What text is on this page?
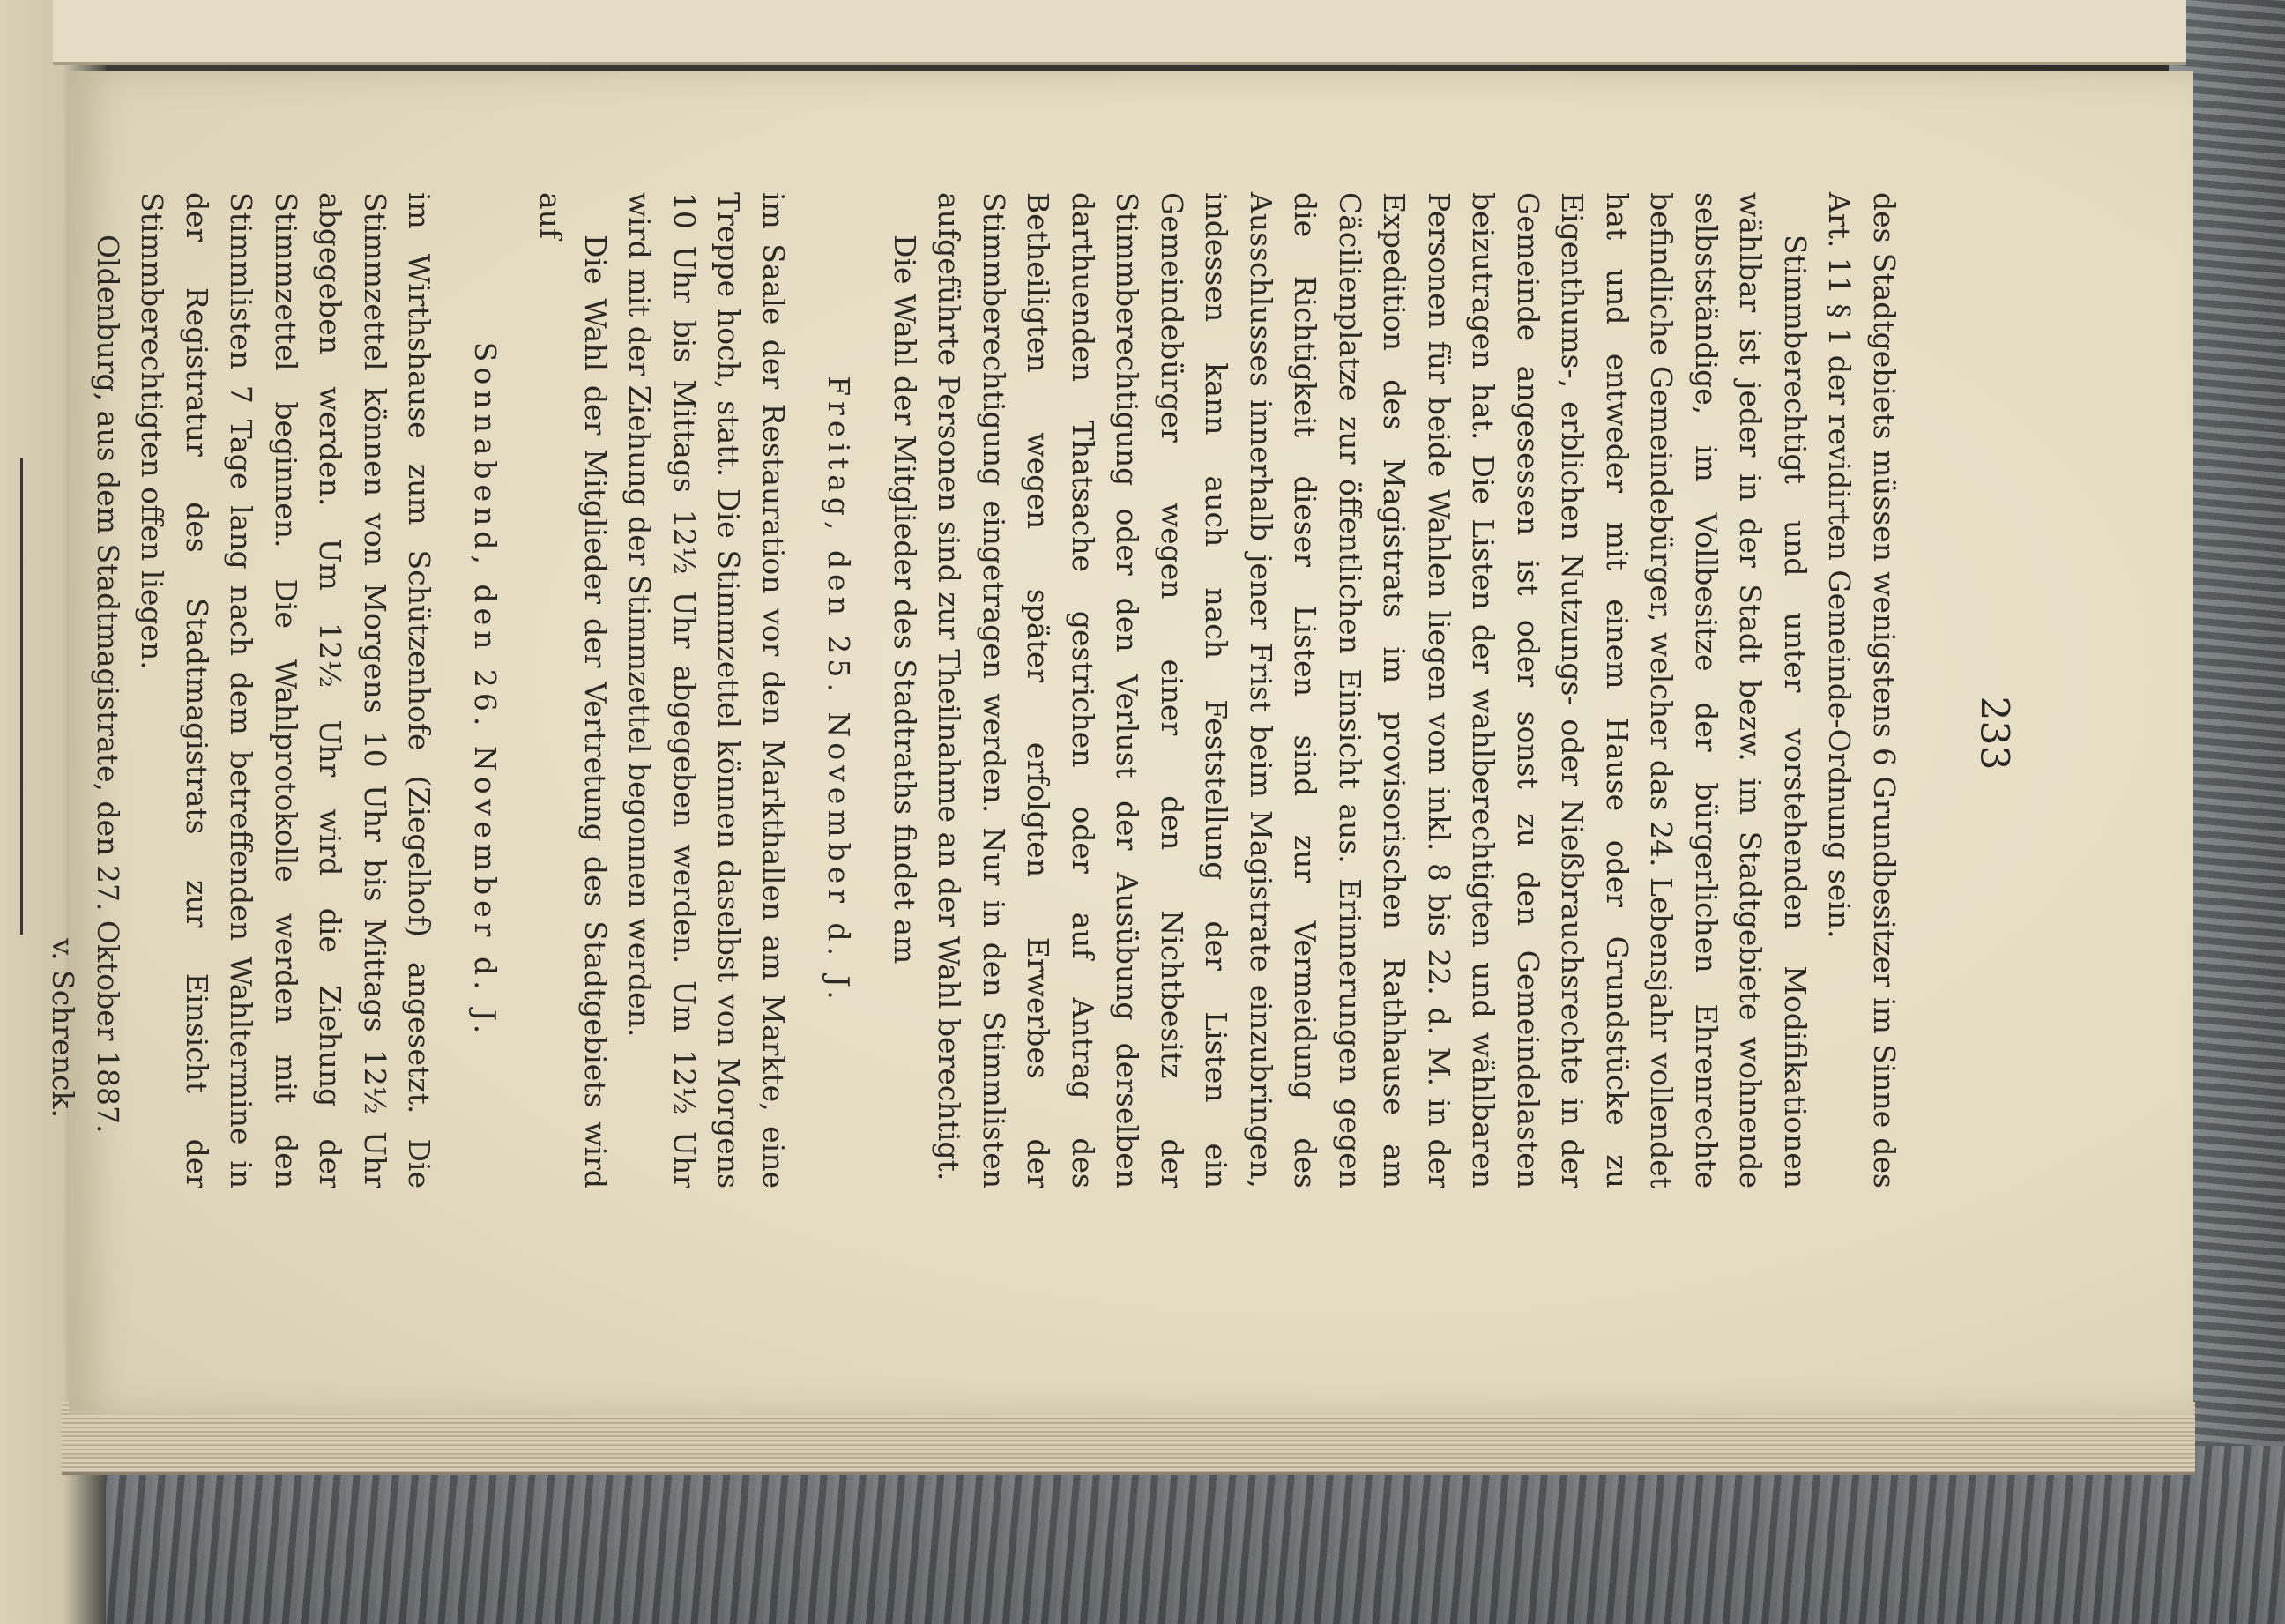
233

des Stadtgebiets müssen wenigstens 6 Grundbesitzer im Sinne des Art. 11 § 1 der revidirten Gemeinde-Ordnung sein.

Stimmberechtigt und unter vorstehenden Modifikationen wählbar ist jeder in der Stadt bezw. im Stadtgebiete wohnende selbstständige, im Vollbesitze der bürgerlichen Ehrenrechte befindliche Gemeindebürger, welcher das 24. Lebensjahr vollendet hat und entweder mit einem Hause oder Grundstücke zu Eigenthums-, erblichen Nutzungs- oder Nießbrauchsrechte in der Gemeinde angesessen ist oder sonst zu den Gemeindelasten beizutragen hat. Die Listen der wahlberechtigten und wählbaren Personen für beide Wahlen liegen vom inkl. 8 bis 22. d. M. in der Expedition des Magistrats im provisorischen Rathhause am Cäcilienplatze zur öffentlichen Einsicht aus. Erinnerungen gegen die Richtigkeit dieser Listen sind zur Vermeidung des Ausschlusses innerhalb jener Frist beim Magistrate einzubringen, indessen kann auch nach Feststellung der Listen ein Gemeindebürger wegen einer den Nichtbesitz der Stimmberechtigung oder den Verlust der Ausübung derselben darthuenden Thatsache gestrichen oder auf Antrag des Betheiligten wegen später erfolgten Erwerbes der Stimmberechtigung eingetragen werden. Nur in den Stimmlisten aufgeführte Personen sind zur Theilnahme an der Wahl berechtigt.

Die Wahl der Mitglieder des Stadtraths findet am

Freitag, den 25. November d. J.

im Saale der Restauration vor den Markthallen am Markte, eine Treppe hoch, statt. Die Stimmzettel können daselbst von Morgens 10 Uhr bis Mittags 12½ Uhr abgegeben werden. Um 12½ Uhr wird mit der Ziehung der Stimmzettel begonnen werden.

Die Wahl der Mitglieder der Vertretung des Stadtgebiets wird auf

Sonnabend, den 26. November d. J.

im Wirthshause zum Schützenhofe (Ziegelhof) angesetzt. Die Stimmzettel können von Morgens 10 Uhr bis Mittags 12½ Uhr abgegeben werden. Um 12½ Uhr wird die Ziehung der Stimmzettel beginnen. Die Wahlprotokolle werden mit den Stimmlisten 7 Tage lang nach dem betreffenden Wahltermine in der Registratur des Stadtmagistrats zur Einsicht der Stimmberechtigten offen liegen.

Oldenburg, aus dem Stadtmagistrate, den 27. Oktober 1887.

v. Schrenck.
